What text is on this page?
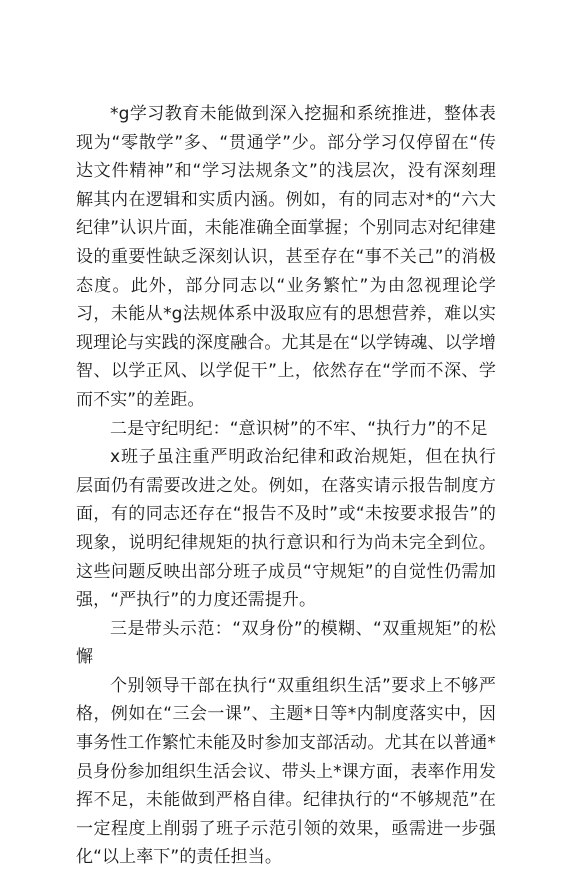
*g学习教育未能做到深入挖掘和系统推进，整体表现为“零散学”多、“贯通学”少。部分学习仅停留在“传达文件精神”和“学习法规条文”的浅层次，没有深刻理解其内在逻辑和实质内涵。例如，有的同志对*的“六大纪律”认识片面，未能准确全面掌握；个别同志对纪律建设的重要性缺乏深刻认识，甚至存在“事不关己”的消极态度。此外，部分同志以“业务繁忙”为由忽视理论学习，未能从*g法规体系中汲取应有的思想营养，难以实现理论与实践的深度融合。尤其是在“以学铸魂、以学增智、以学正风、以学促干”上，依然存在“学而不深、学而不实”的差距。

二是守纪明纪：“意识树”的不牢、“执行力”的不足

x班子虽注重严明政治纪律和政治规矩，但在执行层面仍有需要改进之处。例如，在落实请示报告制度方面，有的同志还存在“报告不及时”或“未按要求报告”的现象，说明纪律规矩的执行意识和行为尚未完全到位。这些问题反映出部分班子成员“守规矩”的自觉性仍需加强，“严执行”的力度还需提升。

三是带头示范：“双身份”的模糊、“双重规矩”的松懈

个别领导干部在执行“双重组织生活”要求上不够严格，例如在“三会一课”、主题*日等*内制度落实中，因事务性工作繁忙未能及时参加支部活动。尤其在以普通*员身份参加组织生活会议、带头上*课方面，表率作用发挥不足，未能做到严格自律。纪律执行的“不够规范”在一定程度上削弱了班子示范引领的效果，亟需进一步强化“以上率下”的责任担当。
